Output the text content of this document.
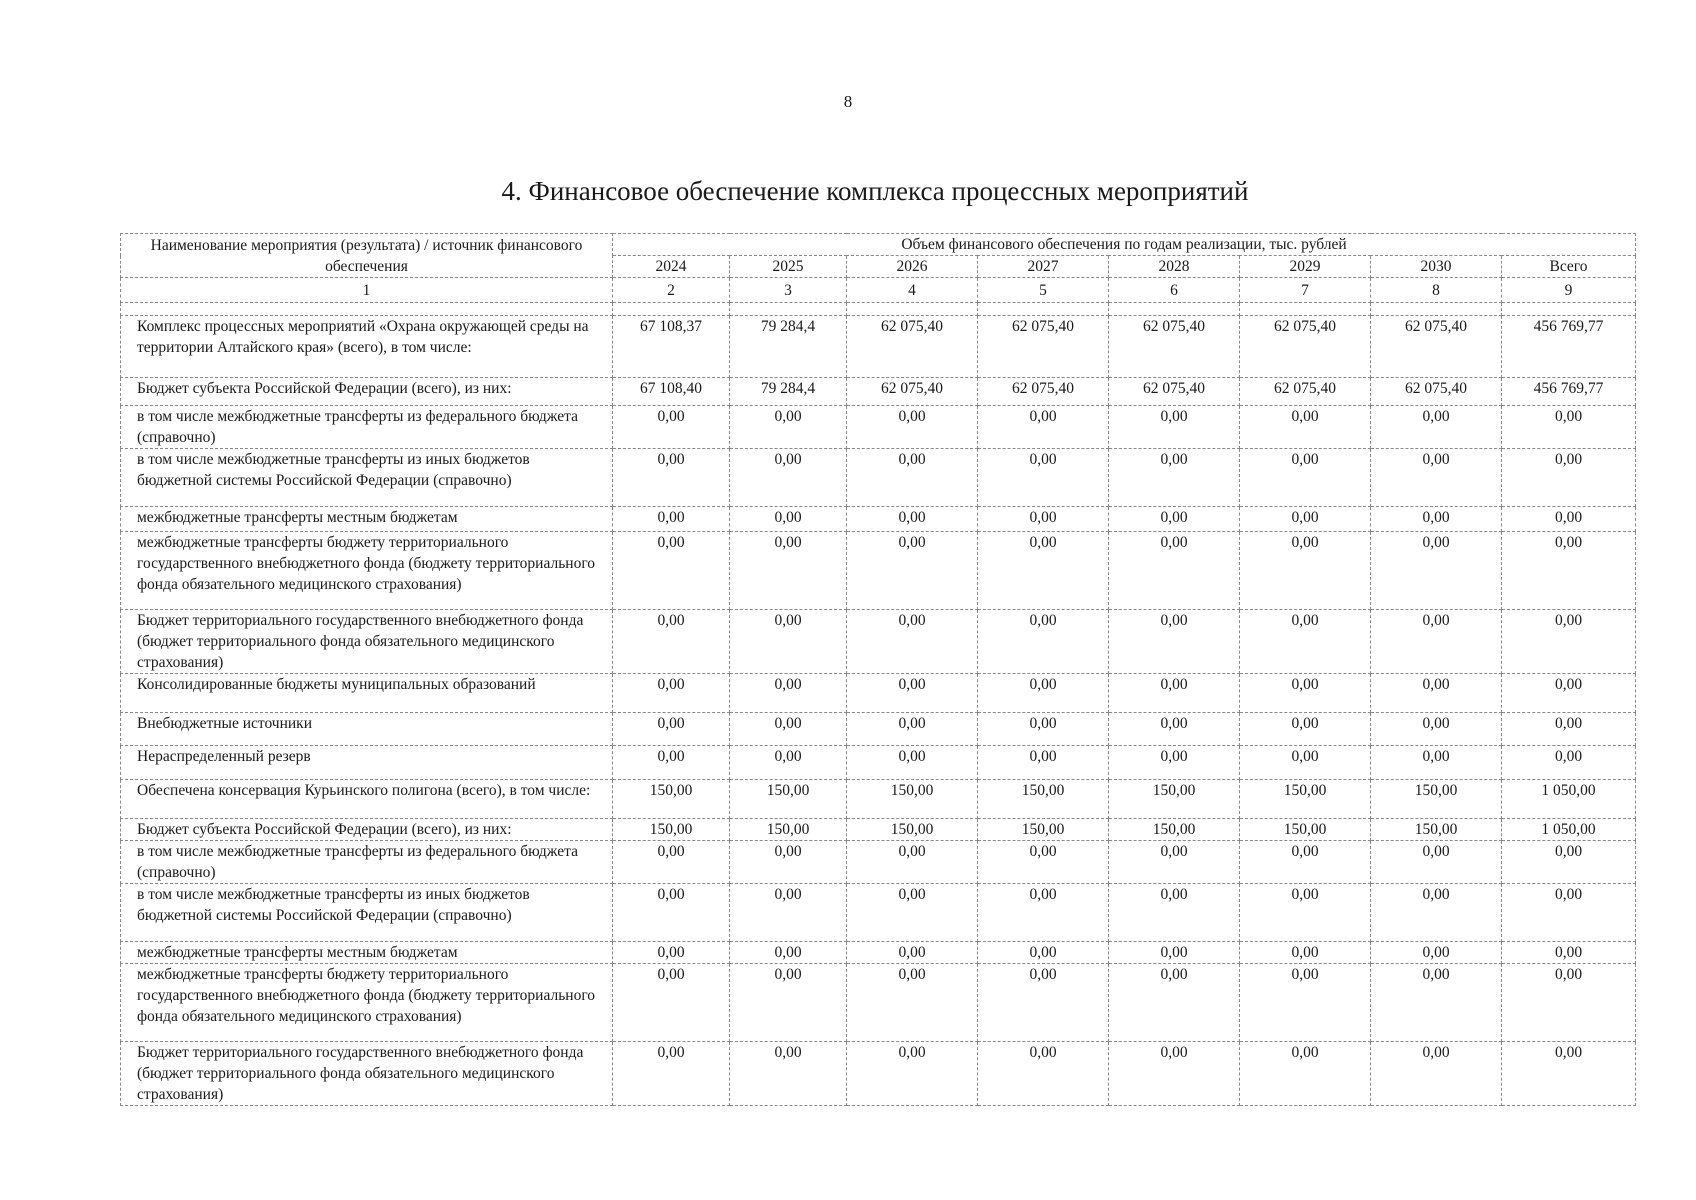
8
4. Финансовое обеспечение комплекса процессных мероприятий
Наименование мероприятия (результата) / источник финансового обеспечения	Объем финансового обеспечения по годам реализации, тыс. рублей							
	2024	2025	2026	2027	2028	2029	2030	Всего
1	2	3	4	5	6	7	8	9

Комплекс процессных мероприятий «Охрана окружающей среды на территории Алтайского края» (всего), в том числе:	67 108,37	79 284,4	62 075,40	62 075,40	62 075,40	62 075,40	62 075,40	456 769,77
Бюджет субъекта Российской Федерации (всего), из них:	67 108,40	79 284,4	62 075,40	62 075,40	62 075,40	62 075,40	62 075,40	456 769,77
в том числе межбюджетные трансферты из федерального бюджета (справочно)	0,00	0,00	0,00	0,00	0,00	0,00	0,00	0,00
в том числе межбюджетные трансферты из иных бюджетов бюджетной системы Российской Федерации (справочно)	0,00	0,00	0,00	0,00	0,00	0,00	0,00	0,00
межбюджетные трансферты местным бюджетам	0,00	0,00	0,00	0,00	0,00	0,00	0,00	0,00
межбюджетные трансферты бюджету территориального государственного внебюджетного фонда (бюджету территориального фонда обязательного медицинского страхования)	0,00	0,00	0,00	0,00	0,00	0,00	0,00	0,00
Бюджет территориального государственного внебюджетного фонда (бюджет территориального фонда обязательного медицинского страхования)	0,00	0,00	0,00	0,00	0,00	0,00	0,00	0,00
Консолидированные бюджеты муниципальных образований	0,00	0,00	0,00	0,00	0,00	0,00	0,00	0,00
Внебюджетные источники	0,00	0,00	0,00	0,00	0,00	0,00	0,00	0,00
Нераспределенный резерв	0,00	0,00	0,00	0,00	0,00	0,00	0,00	0,00
Обеспечена консервация Курьинского полигона (всего), в том числе:	150,00	150,00	150,00	150,00	150,00	150,00	150,00	1 050,00
Бюджет субъекта Российской Федерации (всего), из них:	150,00	150,00	150,00	150,00	150,00	150,00	150,00	1 050,00
в том числе межбюджетные трансферты из федерального бюджета (справочно)	0,00	0,00	0,00	0,00	0,00	0,00	0,00	0,00
в том числе межбюджетные трансферты из иных бюджетов бюджетной системы Российской Федерации (справочно)	0,00	0,00	0,00	0,00	0,00	0,00	0,00	0,00
межбюджетные трансферты местным бюджетам	0,00	0,00	0,00	0,00	0,00	0,00	0,00	0,00
межбюджетные трансферты бюджету территориального государственного внебюджетного фонда (бюджету территориального фонда обязательного медицинского страхования)	0,00	0,00	0,00	0,00	0,00	0,00	0,00	0,00
Бюджет территориального государственного внебюджетного фонда (бюджет территориального фонда обязательного медицинского страхования)	0,00	0,00	0,00	0,00	0,00	0,00	0,00	0,00
